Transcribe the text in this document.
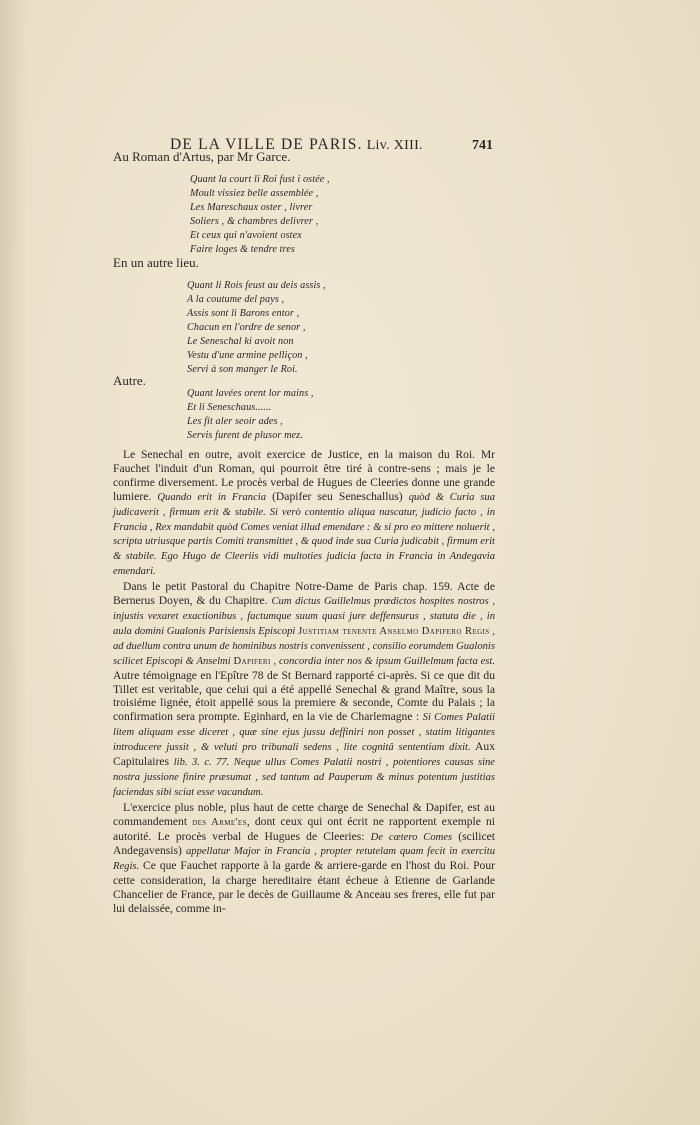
DE LA VILLE DE PARIS. Liv. XIII.	741
Au Roman d'Artus, par Mr Garce.
Quant la court li Roi fust i ostée ,
Moult vissiez belle assemblée ,
Les Mareschaux oster , livrer
Soliers , & chambres delivrer ,
Et ceux qui n'avoient ostex
Faire loges & tendre tres
En un autre lieu.
Quant li Rois feust au deis assis ,
A la coutume del pays ,
Assis sont li Barons entor ,
Chacun en l'ordre de senor ,
Le Seneschal ki avoit non
Vestu d'une armine pelliçon ,
Servi à son manger le Roi.
Autre.
Quant lavées orent lor mains ,
Et li Seneschaus......
Les fit aler seoir ades ,
Servis furent de plusor mez.

Le Senechal en outre, avoit exercice de Justice, en la maison du Roi. Mr Fauchet l'induit d'un Roman, qui pourroit être tiré à contre-sens ; mais je le confirme diversement. Le procès verbal de Hugues de Cleeries donne une grande lumiere. Quando erit in Francia (Dapifer seu Seneschallus) quòd & Curia sua judicaverit , firmum erit & stabile. Si verò contentio aliqua nascatur, judicio facto , in Francia , Rex mandabit quòd Comes veniat illud emendare : & si pro eo mittere noluerit , scripta utriusque partis Comiti transmittet , & quod inde sua Curia judicabit , firmum erit & stabile. Ego Hugo de Cleeriis vidi multoties judicia facta in Francia in Andegavia emendari.

Dans le petit Pastoral du Chapitre Notre-Dame de Paris chap. 159. Acte de Bernerus Doyen, & du Chapitre. Cum dictus Guillelmus prædictos hospites nostros , injustis vexaret exactionibus , factumque suum quasi jure deffensurus , statuta die , in aula domini Gualonis Parisiensis Episcopi Justitiam tenente Anselmo Dapifero Regis , ad duellum contra unum de hominibus nostris convenissent , consilio eorumdem Gualonis scilicet Episcopi & Anselmi Dapiferi , concordia inter nos & ipsum Guillelmum facta est. Autre témoignage en l'Epître 78 de St Bernard rapporté ci-après. Si ce que dit du Tillet est veritable, que celui qui a été appellé Senechal & grand Maître, sous la troisiéme lignée, étoit appellé sous la premiere & seconde, Comte du Palais ; la confirmation sera prompte. Eginhard, en la vie de Charlemagne : Si Comes Palatii litem aliquam esse diceret , quæ sine ejus jussu deffiniri non posset , statim litigantes introducere jussit , & veluti pro tribunali sedens , lite cognitâ sententiam dixit. Aux Capitulaires lib. 3. c. 77. Neque ullus Comes Palatii nostri , potentiores causas sine nostra jussione finire præsumat , sed tantum ad Pauperum & minus potentum justitias faciendas sibi sciat esse vacandum.

L'exercice plus noble, plus haut de cette charge de Senechal & Dapifer, est au commandement des Arme'es, dont ceux qui ont écrit ne rapportent exemple ni autorité. Le procès verbal de Hugues de Cleeries: De cætero Comes (scilicet Andegavensis) appellatur Major in Francia , propter retutelam quam fecit in exercitu Regis. Ce que Fauchet rapporte à la garde & arriere-garde en l'host du Roi. Pour cette consideration, la charge hereditaire étant écheue à Etienne de Garlande Chancelier de France, par le decès de Guillaume & Anceau ses freres, elle fut par lui delaissée, comme in-
